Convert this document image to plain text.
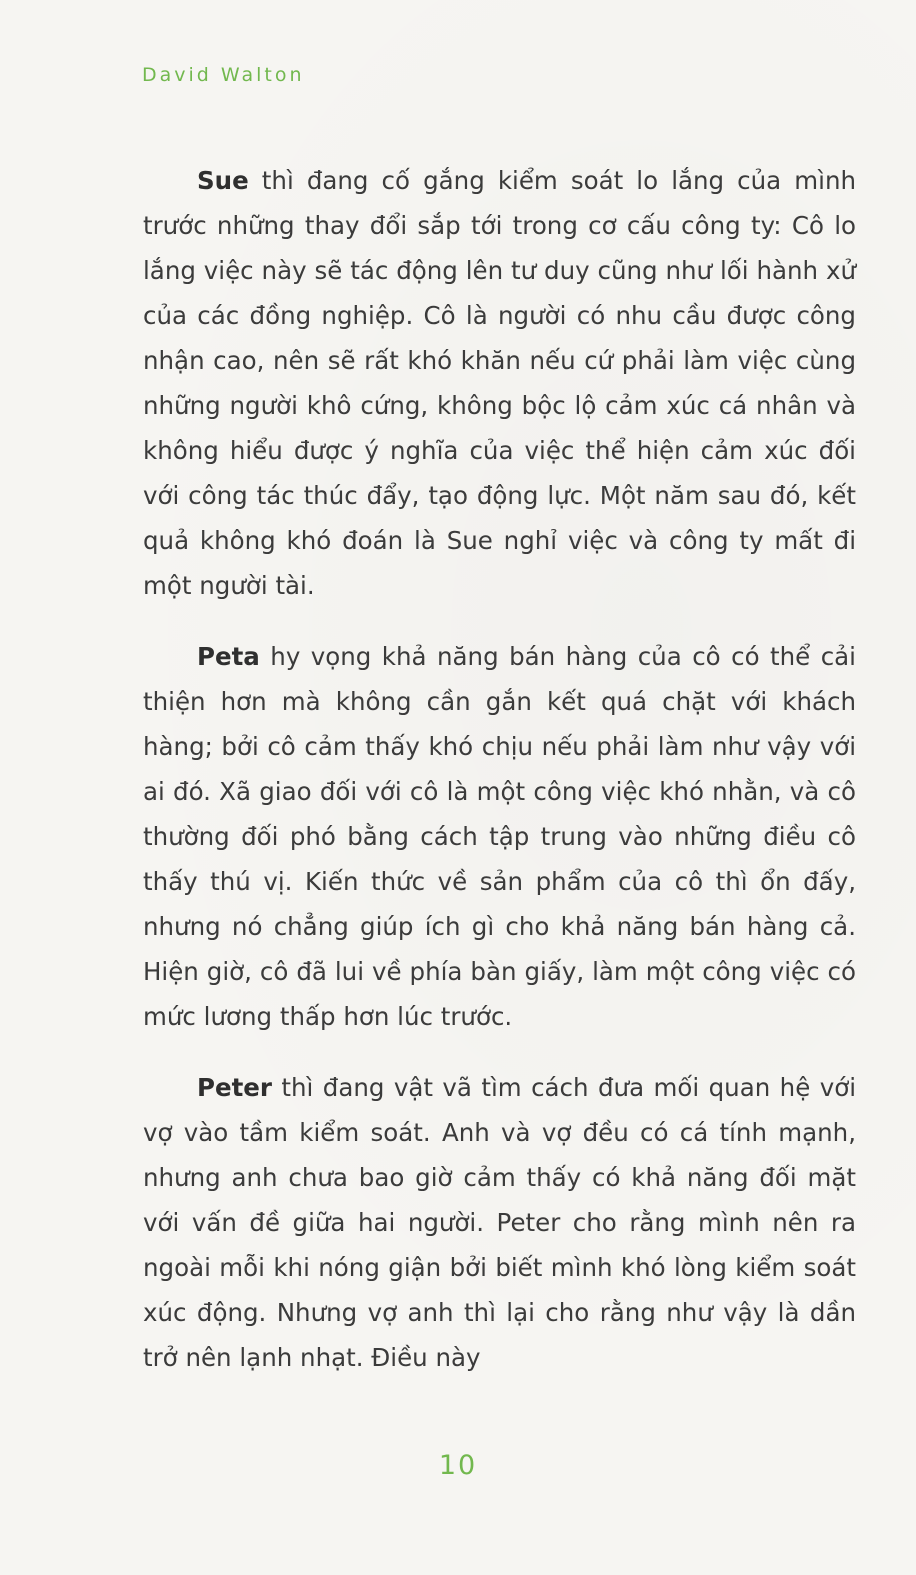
David Walton

Sue thì đang cố gắng kiểm soát lo lắng của mình trước những thay đổi sắp tới trong cơ cấu công ty: Cô lo lắng việc này sẽ tác động lên tư duy cũng như lối hành xử của các đồng nghiệp. Cô là người có nhu cầu được công nhận cao, nên sẽ rất khó khăn nếu cứ phải làm việc cùng những người khô cứng, không bộc lộ cảm xúc cá nhân và không hiểu được ý nghĩa của việc thể hiện cảm xúc đối với công tác thúc đẩy, tạo động lực. Một năm sau đó, kết quả không khó đoán là Sue nghỉ việc và công ty mất đi một người tài.

Peta hy vọng khả năng bán hàng của cô có thể cải thiện hơn mà không cần gắn kết quá chặt với khách hàng; bởi cô cảm thấy khó chịu nếu phải làm như vậy với ai đó. Xã giao đối với cô là một công việc khó nhằn, và cô thường đối phó bằng cách tập trung vào những điều cô thấy thú vị. Kiến thức về sản phẩm của cô thì ổn đấy, nhưng nó chẳng giúp ích gì cho khả năng bán hàng cả. Hiện giờ, cô đã lui về phía bàn giấy, làm một công việc có mức lương thấp hơn lúc trước.

Peter thì đang vật vã tìm cách đưa mối quan hệ với vợ vào tầm kiểm soát. Anh và vợ đều có cá tính mạnh, nhưng anh chưa bao giờ cảm thấy có khả năng đối mặt với vấn đề giữa hai người. Peter cho rằng mình nên ra ngoài mỗi khi nóng giận bởi biết mình khó lòng kiểm soát xúc động. Nhưng vợ anh thì lại cho rằng như vậy là dần trở nên lạnh nhạt. Điều này

10
